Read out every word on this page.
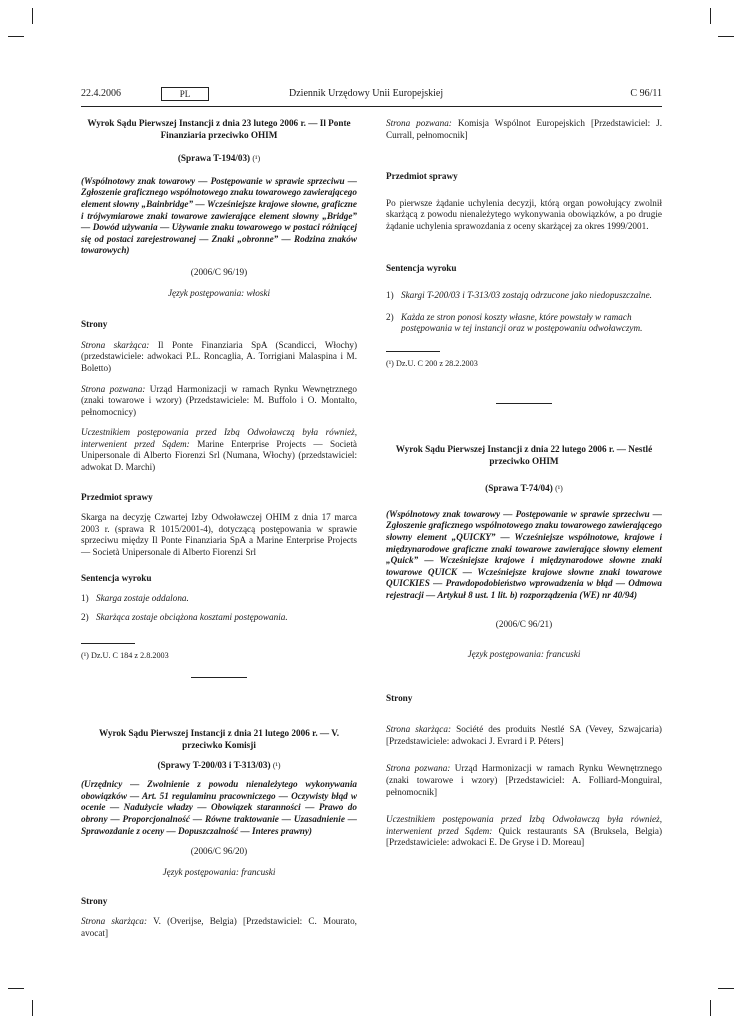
22.4.2006	PL	Dziennik Urzędowy Unii Europejskiej	C 96/11

Wyrok Sądu Pierwszej Instancji z dnia 23 lutego 2006 r. — Il Ponte Finanziaria przeciwko OHIM

(Sprawa T-194/03) (¹)

(Wspólnotowy znak towarowy — Postępowanie w sprawie sprzeciwu — Zgłoszenie graficznego wspólnotowego znaku towarowego zawierającego element słowny „Bainbridge” — Wcześniejsze krajowe słowne, graficzne i trójwymiarowe znaki towarowe zawierające element słowny „Bridge” — Dowód używania — Używanie znaku towarowego w postaci różniącej się od postaci zarejestrowanej — Znaki „obronne” — Rodzina znaków towarowych)

(2006/C 96/19)

Język postępowania: włoski

Strony

Strona skarżąca: Il Ponte Finanziaria SpA (Scandicci, Włochy) (przedstawiciele: adwokaci P.L. Roncaglia, A. Torrigiani Malaspina i M. Boletto)

Strona pozwana: Urząd Harmonizacji w ramach Rynku Wewnętrznego (znaki towarowe i wzory) (Przedstawiciele: M. Buffolo i O. Montalto, pełnomocnicy)

Uczestnikiem postępowania przed Izbą Odwoławczą była również, interwenient przed Sądem: Marine Enterprise Projects — Società Unipersonale di Alberto Fiorenzi Srl (Numana, Włochy) (przedstawiciel: adwokat D. Marchi)

Przedmiot sprawy

Skarga na decyzję Czwartej Izby Odwoławczej OHIM z dnia 17 marca 2003 r. (sprawa R 1015/2001-4), dotyczącą postępowania w sprawie sprzeciwu między Il Ponte Finanziaria SpA a Marine Enterprise Projects — Società Unipersonale di Alberto Fiorenzi Srl

Sentencja wyroku

1) Skarga zostaje oddalona.
2) Skarżąca zostaje obciążona kosztami postępowania.

(¹) Dz.U. C 184 z 2.8.2003

Wyrok Sądu Pierwszej Instancji z dnia 21 lutego 2006 r. — V. przeciwko Komisji

(Sprawy T-200/03 i T-313/03) (¹)

(Urzędnicy — Zwolnienie z powodu nienależytego wykonywania obowiązków — Art. 51 regulaminu pracowniczego — Oczywisty błąd w ocenie — Nadużycie władzy — Obowiązek staranności — Prawo do obrony — Proporcjonalność — Równe traktowanie — Uzasadnienie — Sprawozdanie z oceny — Dopuszczalność — Interes prawny)

(2006/C 96/20)

Język postępowania: francuski

Strony

Strona skarżąca: V. (Overijse, Belgia) [Przedstawiciel: C. Mourato, avocat]

Strona pozwana: Komisja Wspólnot Europejskich [Przedstawiciel: J. Currall, pełnomocnik]

Przedmiot sprawy

Po pierwsze żądanie uchylenia decyzji, którą organ powołujący zwolnił skarżącą z powodu nienależytego wykonywania obowiązków, a po drugie żądanie uchylenia sprawozdania z oceny skarżącej za okres 1999/2001.

Sentencja wyroku

1) Skargi T-200/03 i T-313/03 zostają odrzucone jako niedopuszczalne.
2) Każda ze stron ponosi koszty własne, które powstały w ramach postępowania w tej instancji oraz w postępowaniu odwoławczym.

(¹) Dz.U. C 200 z 28.2.2003

Wyrok Sądu Pierwszej Instancji z dnia 22 lutego 2006 r. — Nestlé przeciwko OHIM

(Sprawa T-74/04) (¹)

(Wspólnotowy znak towarowy — Postępowanie w sprawie sprzeciwu — Zgłoszenie graficznego wspólnotowego znaku towarowego zawierającego słowny element „QUICKY” — Wcześniejsze wspólnotowe, krajowe i międzynarodowe graficzne znaki towarowe zawierające słowny element „Quick” — Wcześniejsze krajowe i międzynarodowe słowne znaki towarowe QUICK — Wcześniejsze krajowe słowne znaki towarowe QUICKIES — Prawdopodobieństwo wprowadzenia w błąd — Odmowa rejestracji — Artykuł 8 ust. 1 lit. b) rozporządzenia (WE) nr 40/94)

(2006/C 96/21)

Język postępowania: francuski

Strony

Strona skarżąca: Société des produits Nestlé SA (Vevey, Szwajcaria) [Przedstawiciele: adwokaci J. Evrard i P. Péters]

Strona pozwana: Urząd Harmonizacji w ramach Rynku Wewnętrznego (znaki towarowe i wzory) [Przedstawiciel: A. Folliard-Monguiral, pełnomocnik]

Uczestnikiem postępowania przed Izbą Odwoławczą była również, interwenient przed Sądem: Quick restaurants SA (Bruksela, Belgia) [Przedstawiciele: adwokaci E. De Gryse i D. Moreau]
